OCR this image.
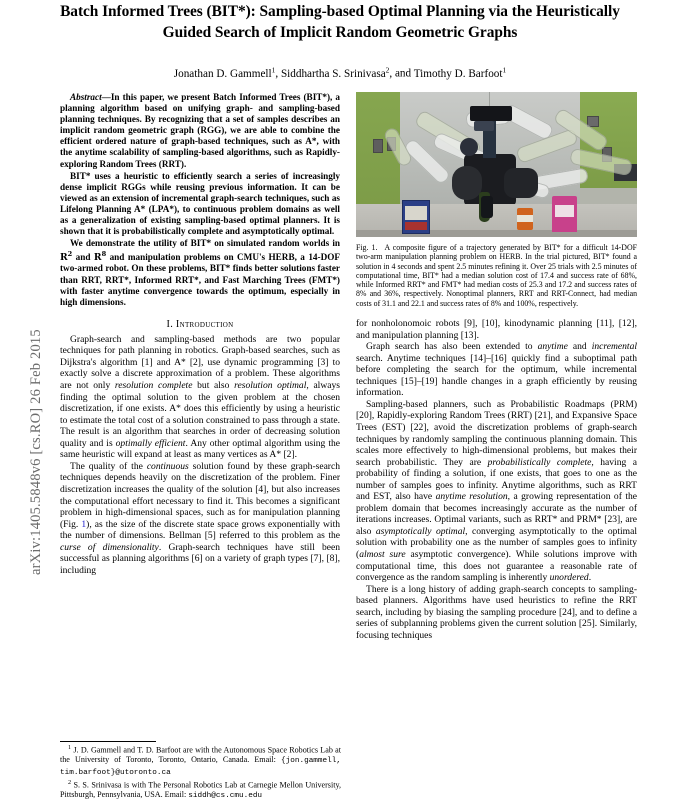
arXiv:1405.5848v6 [cs.RO] 26 Feb 2015
Batch Informed Trees (BIT*): Sampling-based Optimal Planning via the Heuristically Guided Search of Implicit Random Geometric Graphs
Jonathan D. Gammell$^1$, Siddhartha S. Srinivasa$^2$, and Timothy D. Barfoot$^1$

Abstract—In this paper, we present Batch Informed Trees (BIT*), a planning algorithm based on unifying graph- and sampling-based planning techniques. By recognizing that a set of samples describes an implicit random geometric graph (RGG), we are able to combine the efficient ordered nature of graph-based techniques, such as A*, with the anytime scalability of sampling-based algorithms, such as Rapidly-exploring Random Trees (RRT).

BIT* uses a heuristic to efficiently search a series of increasingly dense implicit RGGs while reusing previous information. It can be viewed as an extension of incremental graph-search techniques, such as Lifelong Planning A* (LPA*), to continuous problem domains as well as a generalization of existing sampling-based optimal planners. It is shown that it is probabilistically complete and asymptotically optimal.

We demonstrate the utility of BIT* on simulated random worlds in $R^2$ and $R^8$ and manipulation problems on CMU's HERB, a 14-DOF two-armed robot. On these problems, BIT* finds better solutions faster than RRT, RRT*, Informed RRT*, and Fast Marching Trees (FMT*) with faster anytime convergence towards the optimum, especially in high dimensions.

I. Introduction

Graph-search and sampling-based methods are two popular techniques for path planning in robotics. Graph-based searches, such as Dijkstra's algorithm [1] and A* [2], use dynamic programming [3] to exactly solve a discrete approximation of a problem. These algorithms are not only resolution complete but also resolution optimal, always finding the optimal solution to the given problem at the chosen discretization, if one exists. A* does this efficiently by using a heuristic to estimate the total cost of a solution constrained to pass through a state. The result is an algorithm that searches in order of decreasing solution quality and is optimally efficient. Any other optimal algorithm using the same heuristic will expand at least as many vertices as A* [2].

The quality of the continuous solution found by these graph-search techniques depends heavily on the discretization of the problem. Finer discretization increases the quality of the solution [4], but also increases the computational effort necessary to find it. This becomes a significant problem in high-dimensional spaces, such as for manipulation planning (Fig. 1), as the size of the discrete state space grows exponentially with the number of dimensions. Bellman [5] referred to this problem as the curse of dimensionality. Graph-search techniques have still been successful as planning algorithms [6] on a variety of graph types [7], [8], including

$^1$ J. D. Gammell and T. D. Barfoot are with the Autonomous Space Robotics Lab at the University of Toronto, Toronto, Ontario, Canada. Email: {jon.gammell, tim.barfoot}@utoronto.ca

$^2$ S. S. Srinivasa is with The Personal Robotics Lab at Carnegie Mellon University, Pittsburgh, Pennsylvania, USA. Email: siddh@cs.cmu.edu

Fig. 1. A composite figure of a trajectory generated by BIT* for a difficult 14-DOF two-arm manipulation planning problem on HERB. In the trial pictured, BIT* found a solution in 4 seconds and spent 2.5 minutes refining it. Over 25 trials with 2.5 minutes of computational time, BIT* had a median solution cost of 17.4 and success rate of 68%, while Informed RRT* and FMT* had median costs of 25.3 and 17.2 and success rates of 8% and 36%, respectively. Nonoptimal planners, RRT and RRT-Connect, had median costs of 31.1 and 22.1 and success rates of 8% and 100%, respectively.

for nonholonomoic robots [9], [10], kinodynamic planning [11], [12], and manipulation planning [13].

Graph search has also been extended to anytime and incremental search. Anytime techniques [14]–[16] quickly find a suboptimal path before completing the search for the optimum, while incremental techniques [15]–[19] handle changes in a graph efficiently by reusing information.

Sampling-based planners, such as Probabilistic Roadmaps (PRM) [20], Rapidly-exploring Random Trees (RRT) [21], and Expansive Space Trees (EST) [22], avoid the discretization problems of graph-search techniques by randomly sampling the continuous planning domain. This scales more effectively to high-dimensional problems, but makes their search probabilistic. They are probabilistically complete, having a probability of finding a solution, if one exists, that goes to one as the number of samples goes to infinity. Anytime algorithms, such as RRT and EST, also have anytime resolution, a growing representation of the problem domain that becomes increasingly accurate as the number of iterations increases. Optimal variants, such as RRT* and PRM* [23], are also asymptotically optimal, converging asymptotically to the optimal solution with probability one as the number of samples goes to infinity (almost sure asymptotic convergence). While solutions improve with computational time, this does not guarantee a reasonable rate of convergence as the random sampling is inherently unordered.

There is a long history of adding graph-search concepts to sampling-based planners. Algorithms have used heuristics to refine the RRT search, including by biasing the sampling procedure [24], and to define a series of subplanning problems given the current solution [25]. Similarly, focusing techniques
